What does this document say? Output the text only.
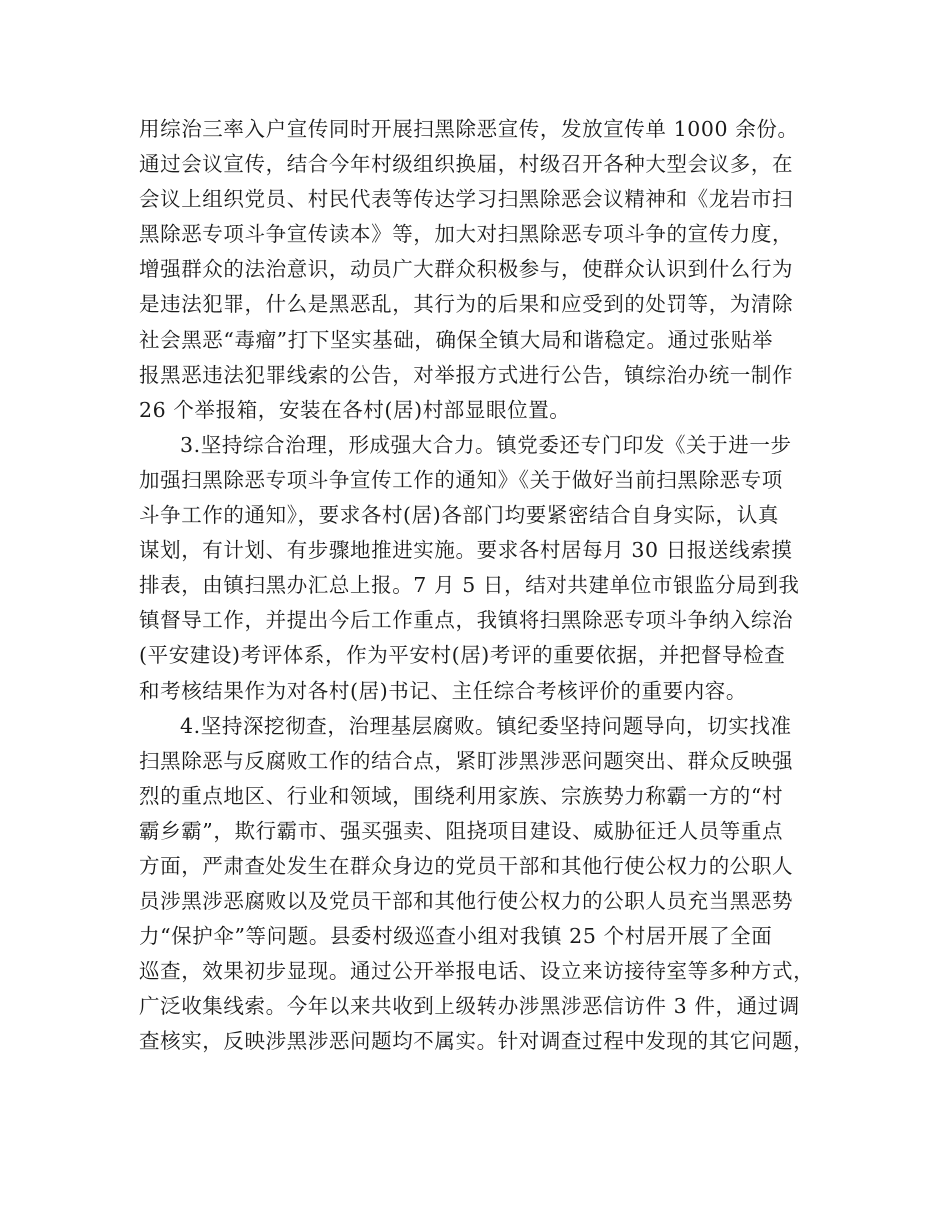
用综治三率入户宣传同时开展扫黑除恶宣传，发放宣传单 1000 余份。
通过会议宣传，结合今年村级组织换届，村级召开各种大型会议多，在
会议上组织党员、村民代表等传达学习扫黑除恶会议精神和《龙岩市扫
黑除恶专项斗争宣传读本》等，加大对扫黑除恶专项斗争的宣传力度，
增强群众的法治意识，动员广大群众积极参与，使群众认识到什么行为
是违法犯罪，什么是黑恶乱，其行为的后果和应受到的处罚等，为清除
社会黑恶“毒瘤”打下坚实基础，确保全镇大局和谐稳定。通过张贴举
报黑恶违法犯罪线索的公告，对举报方式进行公告，镇综治办统一制作
26 个举报箱，安装在各村(居)村部显眼位置。
3.坚持综合治理，形成强大合力。镇党委还专门印发《关于进一步
加强扫黑除恶专项斗争宣传工作的通知》《关于做好当前扫黑除恶专项
斗争工作的通知》，要求各村(居)各部门均要紧密结合自身实际，认真
谋划，有计划、有步骤地推进实施。要求各村居每月 30 日报送线索摸
排表，由镇扫黑办汇总上报。7 月 5 日，结对共建单位市银监分局到我
镇督导工作，并提出今后工作重点，我镇将扫黑除恶专项斗争纳入综治
(平安建设)考评体系，作为平安村(居)考评的重要依据，并把督导检查
和考核结果作为对各村(居)书记、主任综合考核评价的重要内容。
4.坚持深挖彻查，治理基层腐败。镇纪委坚持问题导向，切实找准
扫黑除恶与反腐败工作的结合点，紧盯涉黑涉恶问题突出、群众反映强
烈的重点地区、行业和领域，围绕利用家族、宗族势力称霸一方的“村
霸乡霸”，欺行霸市、强买强卖、阻挠项目建设、威胁征迁人员等重点
方面，严肃查处发生在群众身边的党员干部和其他行使公权力的公职人
员涉黑涉恶腐败以及党员干部和其他行使公权力的公职人员充当黑恶势
力“保护伞”等问题。县委村级巡查小组对我镇 25 个村居开展了全面
巡查，效果初步显现。通过公开举报电话、设立来访接待室等多种方式，
广泛收集线索。今年以来共收到上级转办涉黑涉恶信访件 3 件，通过调
查核实，反映涉黑涉恶问题均不属实。针对调查过程中发现的其它问题，
